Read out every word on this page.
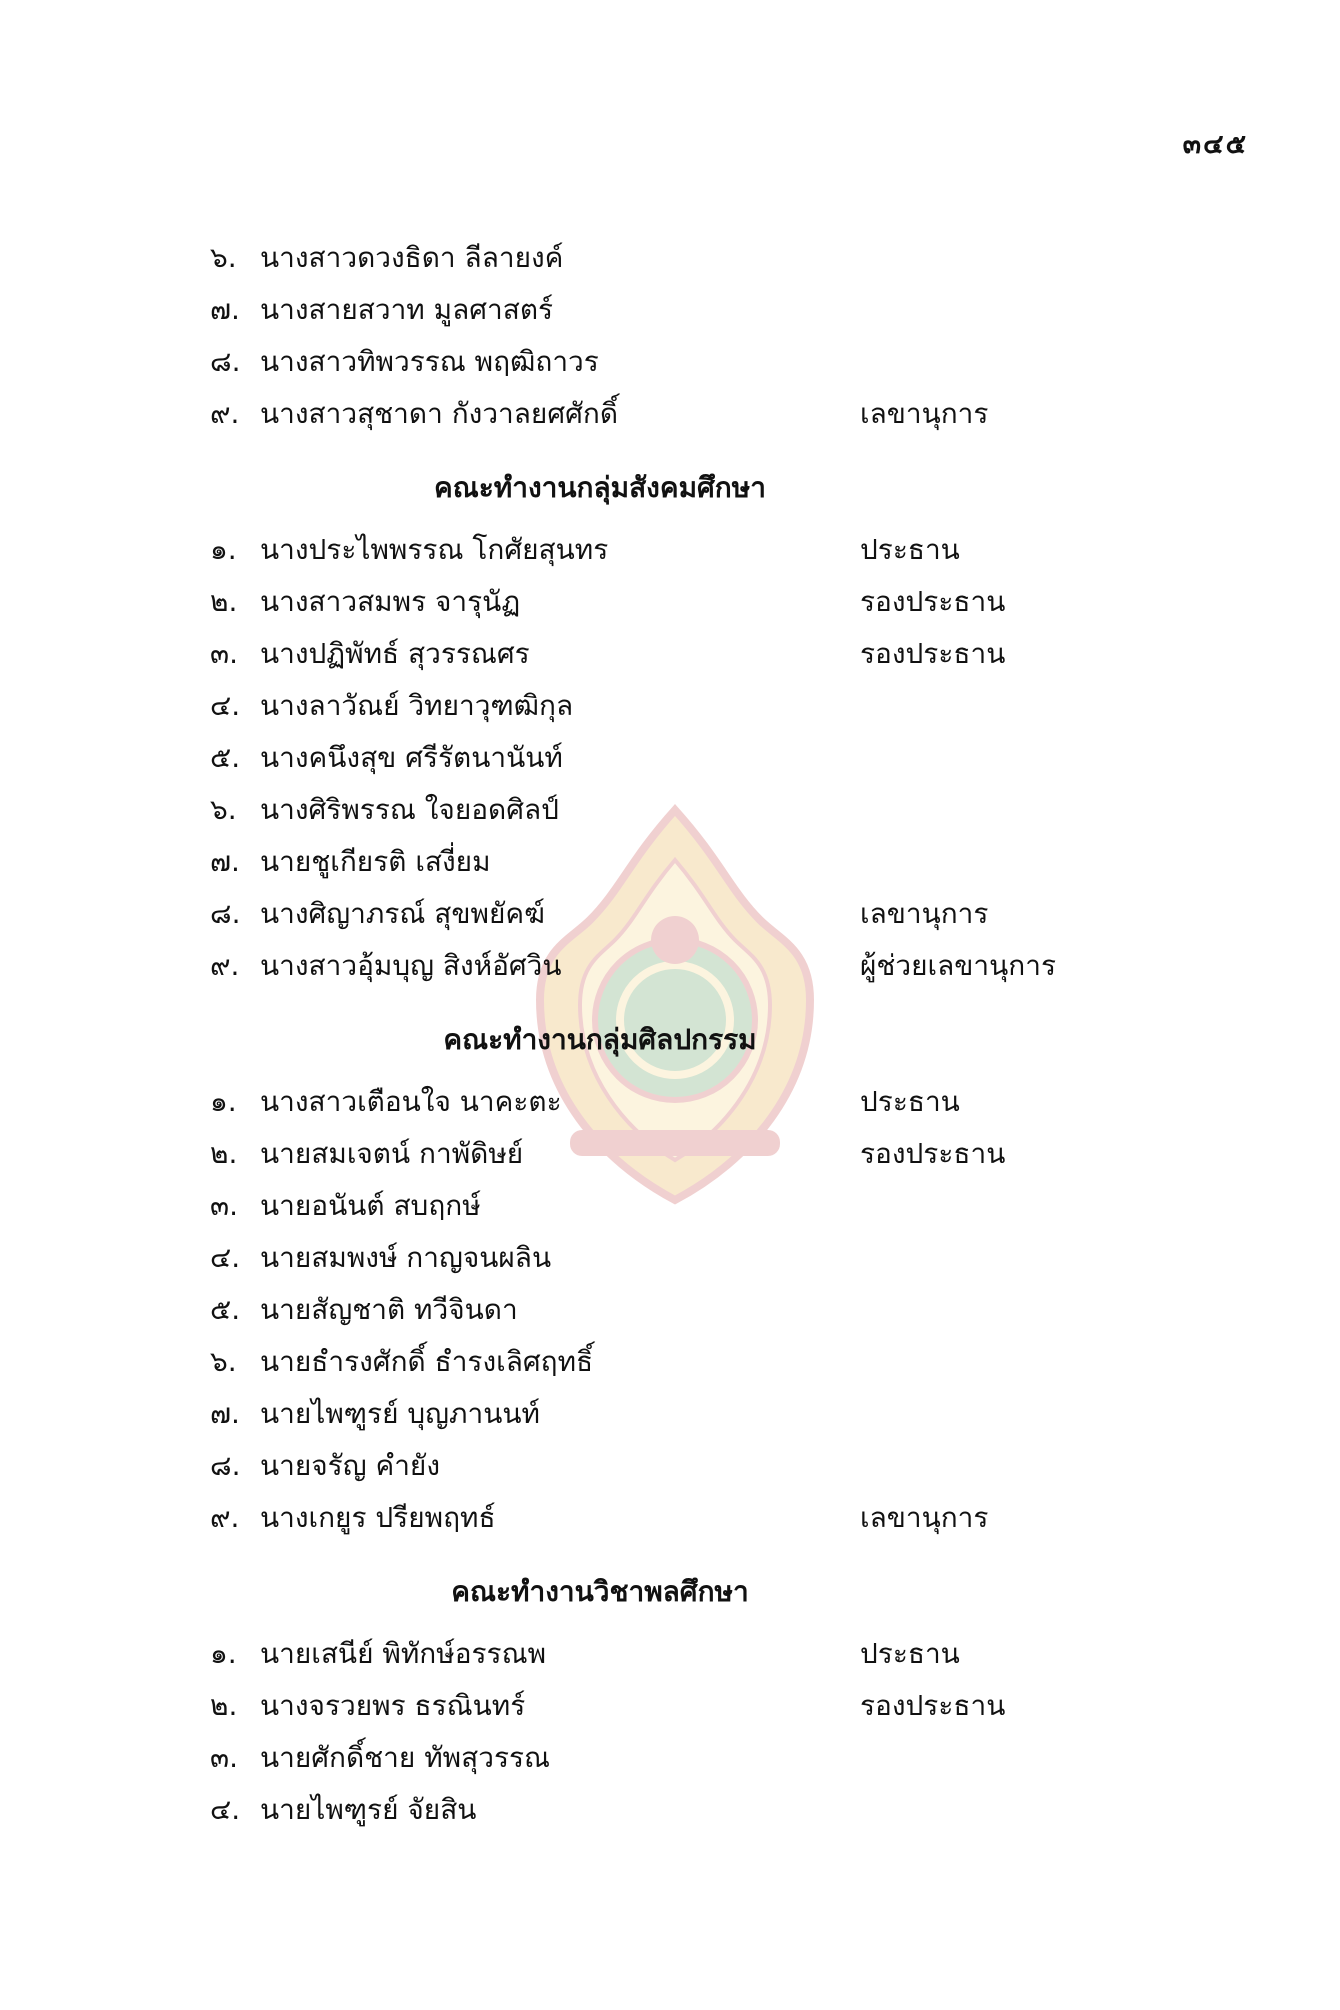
๓๔๕
๖. นางสาวดวงธิดา ลีลายงค์
๗. นางสายสวาท มูลศาสตร์
๘. นางสาวทิพวรรณ พฤฒิถาวร
๙. นางสาวสุชาดา กังวาลยศศักดิ์	เลขานุการ
คณะทำงานกลุ่มสังคมศึกษา
๑. นางประไพพรรณ โกศัยสุนทร	ประธาน
๒. นางสาวสมพร จารุนัฏ	รองประธาน
๓. นางปฏิพัทธ์ สุวรรณศร	รองประธาน
๔. นางลาวัณย์ วิทยาวุฑฒิกุล
๕. นางคนึงสุข ศรีรัตนานันท์
๖. นางศิริพรรณ ใจยอดศิลป์
๗. นายชูเกียรติ เสงี่ยม
๘. นางศิญาภรณ์ สุขพยัคฆ์	เลขานุการ
๙. นางสาวอุ้มบุญ สิงห์อัศวิน	ผู้ช่วยเลขานุการ
คณะทำงานกลุ่มศิลปกรรม
๑. นางสาวเตือนใจ นาคะตะ	ประธาน
๒. นายสมเจตน์ กาพัดิษย์	รองประธาน
๓. นายอนันต์ สบฤกษ์
๔. นายสมพงษ์ กาญจนผลิน
๕. นายสัญชาติ ทวีจินดา
๖. นายธำรงศักดิ์ ธำรงเลิศฤทธิ์
๗. นายไพฑูรย์ บุญภานนท์
๘. นายจรัญ คำยัง
๙. นางเกยูร ปรียพฤทธ์	เลขานุการ
คณะทำงานวิชาพลศึกษา
๑. นายเสนีย์ พิทักษ์อรรณพ	ประธาน
๒. นางจรวยพร ธรณินทร์	รองประธาน
๓. นายศักดิ์ชาย ทัพสุวรรณ
๔. นายไพฑูรย์ จัยสิน
